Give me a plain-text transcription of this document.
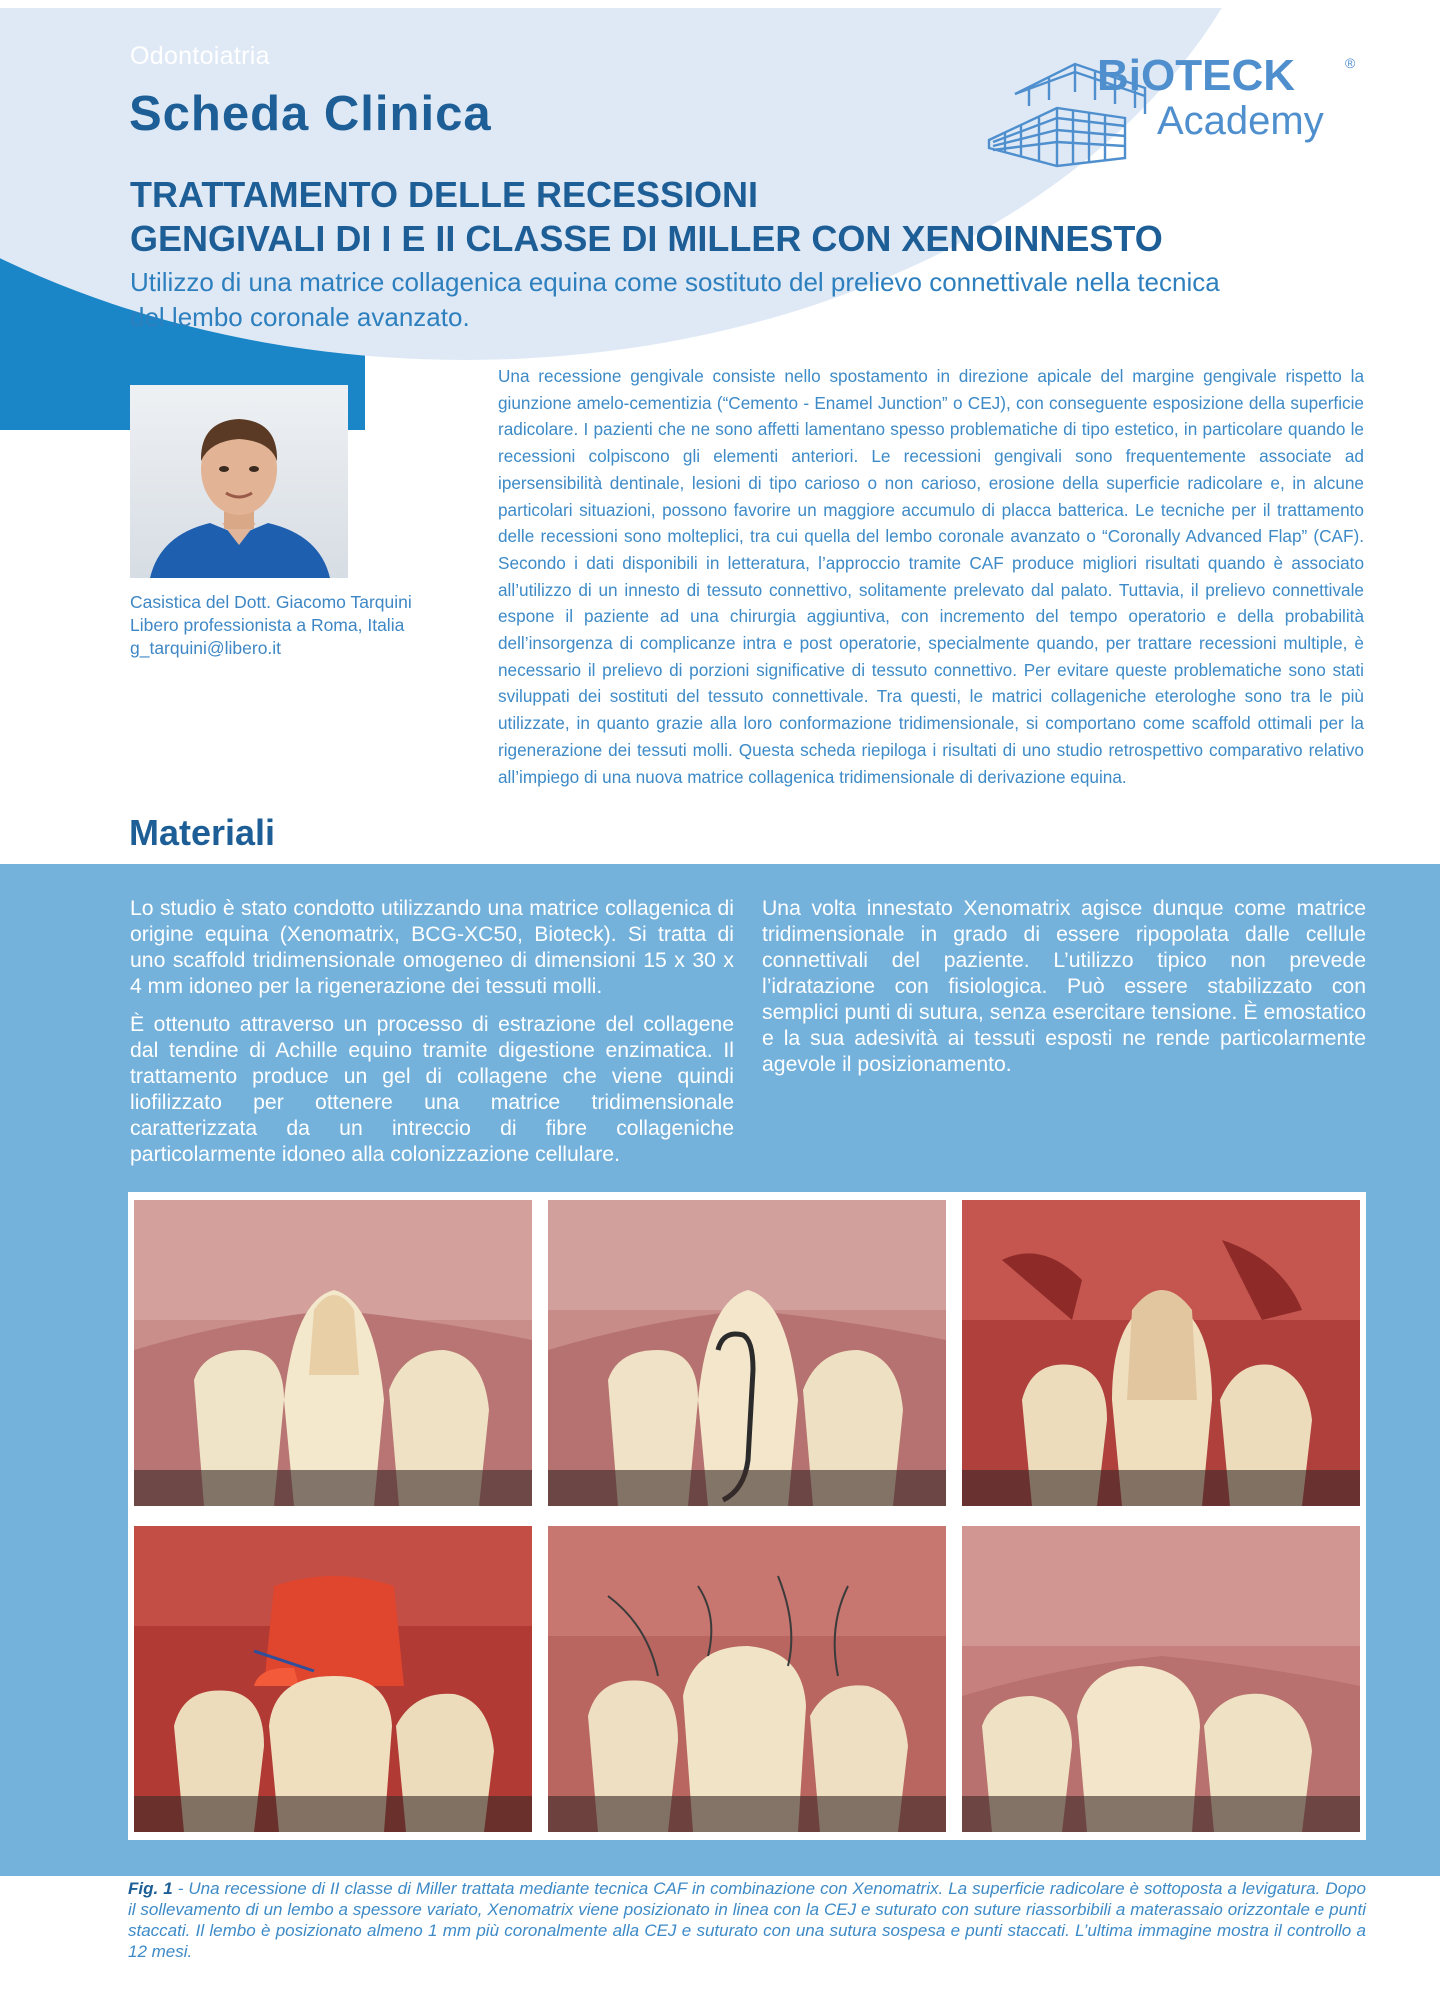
Odontoiatria
Scheda Clinica
BiOTECK	®
Academy
TRATTAMENTO DELLE RECESSIONI
GENGIVALI DI I E II CLASSE DI MILLER CON XENOINNESTO

Utilizzo di una matrice collagenica equina come sostituto del prelievo connettivale nella tecnica del lembo coronale avanzato.

Casistica del Dott. Giacomo Tarquini
Libero professionista a Roma, Italia
g_tarquini@libero.it

Una recessione gengivale consiste nello spostamento in direzione apicale del margine gengivale rispetto la giunzione amelo-cementizia (“Cemento - Enamel Junction” o CEJ), con conseguente esposizione della superficie radicolare. I pazienti che ne sono affetti lamentano spesso problematiche di tipo estetico, in particolare quando le recessioni colpiscono gli elementi anteriori. Le recessioni gengivali sono frequentemente associate ad ipersensibilità dentinale, lesioni di tipo carioso o non carioso, erosione della superficie radicolare e, in alcune particolari situazioni, possono favorire un maggiore accumulo di placca batterica. Le tecniche per il trattamento delle recessioni sono molteplici, tra cui quella del lembo coronale avanzato o “Coronally Advanced Flap” (CAF). Secondo i dati disponibili in letteratura, l’approccio tramite CAF produce migliori risultati quando è associato all’utilizzo di un innesto di tessuto connettivo, solitamente prelevato dal palato. Tuttavia, il prelievo connettivale espone il paziente ad una chirurgia aggiuntiva, con incremento del tempo operatorio e della probabilità dell’insorgenza di complicanze intra e post operatorie, specialmente quando, per trattare recessioni multiple, è necessario il prelievo di porzioni significative di tessuto connettivo. Per evitare queste problematiche sono stati sviluppati dei sostituti del tessuto connettivale. Tra questi, le matrici collageniche eterologhe sono tra le più utilizzate, in quanto grazie alla loro conformazione tridimensionale, si comportano come scaffold ottimali per la rigenerazione dei tessuti molli. Questa scheda riepiloga i risultati di uno studio retrospettivo comparativo relativo all’impiego di una nuova matrice collagenica tridimensionale di derivazione equina.

Materiali

Lo studio è stato condotto utilizzando una matrice collagenica di origine equina (Xenomatrix, BCG-XC50, Bioteck). Si tratta di uno scaffold tridimensionale omogeneo di dimensioni 15 x 30 x 4 mm idoneo per la rigenerazione dei tessuti molli.

È ottenuto attraverso un processo di estrazione del collagene dal tendine di Achille equino tramite digestione enzimatica. Il trattamento produce un gel di collagene che viene quindi liofilizzato per ottenere una matrice tridimensionale caratterizzata da un intreccio di fibre collageniche particolarmente idoneo alla colonizzazione cellulare.

Una volta innestato Xenomatrix agisce dunque come matrice tridimensionale in grado di essere ripopolata dalle cellule connettivali del paziente. L’utilizzo tipico non prevede l’idratazione con fisiologica. Può essere stabilizzato con semplici punti di sutura, senza esercitare tensione. È emostatico e la sua adesività ai tessuti esposti ne rende particolarmente agevole il posizionamento.

Fig. 1 - Una recessione di II classe di Miller trattata mediante tecnica CAF in combinazione con Xenomatrix. La superficie radicolare è sottoposta a levigatura. Dopo il sollevamento di un lembo a spessore variato, Xenomatrix viene posizionato in linea con la CEJ e suturato con suture riassorbibili a materassaio orizzontale e punti staccati. Il lembo è posizionato almeno 1 mm più coronalmente alla CEJ e suturato con una sutura sospesa e punti staccati. L’ultima immagine mostra il controllo a 12 mesi.
